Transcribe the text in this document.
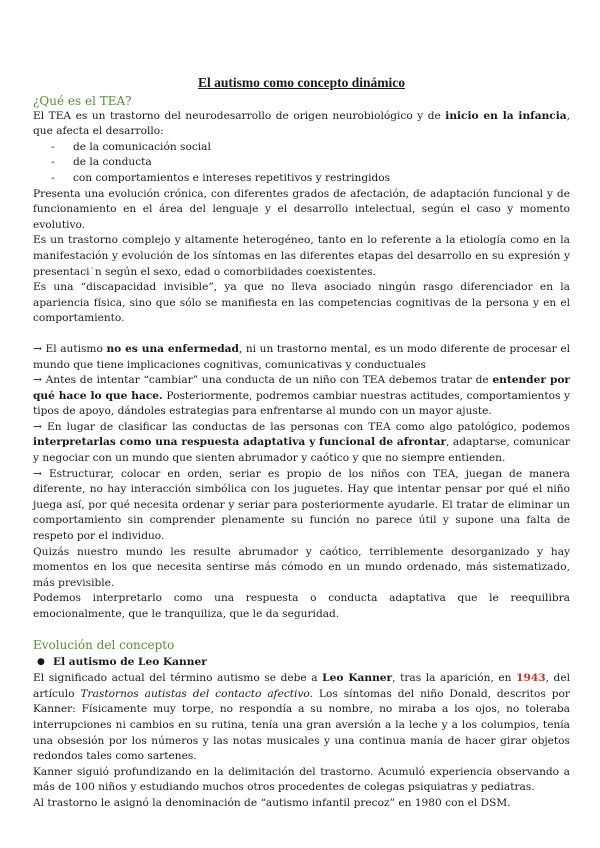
El autismo como concepto dinámico
¿Qué es el TEA?

El TEA es un trastorno del neurodesarrollo de origen neurobiológico y de inicio en la infancia, que afecta el desarrollo:

- de la comunicación social
- de la conducta
- con comportamientos e intereses repetitivos y restringidos

Presenta una evolución crónica, con diferentes grados de afectación, de adaptación funcional y de funcionamiento en el área del lenguaje y el desarrollo intelectual, según el caso y momento evolutivo.

Es un trastorno complejo y altamente heterogéneo, tanto en lo referente a la etiología como en la manifestación y evolución de los síntomas en las diferentes etapas del desarrollo en su expresión y presentaci˙n según el sexo, edad o comorbiidades coexistentes.

Es una “discapacidad invisible”, ya que no lleva asociado ningún rasgo diferenciador en la apariencia física, sino que sólo se manifiesta en las competencias cognitivas de la persona y en el comportamiento.

→ El autismo no es una enfermedad, ni un trastorno mental, es un modo diferente de procesar el mundo que tiene implicaciones cognitivas, comunicativas y conductuales

→ Antes de intentar “cambiar” una conducta de un niño con TEA debemos tratar de entender por qué hace lo que hace. Posteriormente, podremos cambiar nuestras actitudes, comportamientos y tipos de apoyo, dándoles estrategias para enfrentarse al mundo con un mayor ajuste.

→ En lugar de clasificar las conductas de las personas con TEA como algo patológico, podemos interpretarlas como una respuesta adaptativa y funcional de afrontar, adaptarse, comunicar y negociar con un mundo que sienten abrumador y caótico y que no siempre entienden.

→ Estructurar, colocar en orden, seriar es propio de los niños con TEA, juegan de manera diferente, no hay interacción simbólica con los juguetes. Hay que intentar pensar por qué el niño juega así, por qué necesita ordenar y seriar para posteriormente ayudarle. El tratar de eliminar un comportamiento sin comprender plenamente su función no parece útil y supone una falta de respeto por el individuo.

Quizás nuestro mundo les resulte abrumador y caótico, terriblemente desorganizado y hay momentos en los que necesita sentirse más cómodo en un mundo ordenado, más sistematizado, más previsible.

Podemos interpretarlo como una respuesta o conducta adaptativa que le reequilibra emocionalmente, que le tranquiliza, que le da seguridad.

Evolución del concepto
● El autismo de Leo Kanner

El significado actual del término autismo se debe a Leo Kanner, tras la aparición, en 1943, del artículo Trastornos autistas del contacto afectivo. Los síntomas del niño Donald, descritos por Kanner: Físicamente muy torpe, no respondía a su nombre, no miraba a los ojos, no toleraba interrupciones ni cambios en su rutina, tenía una gran aversión a la leche y a los columpios, tenía una obsesión por los números y las notas musicales y una continua manía de hacer girar objetos redondos tales como sartenes.

Kanner siguió profundizando en la delimitación del trastorno. Acumuló experiencia observando a más de 100 niños y estudiando muchos otros procedentes de colegas psiquiatras y pediatras.

Al trastorno le asignó la denominación de “autismo infantil precoz” en 1980 con el DSM.
